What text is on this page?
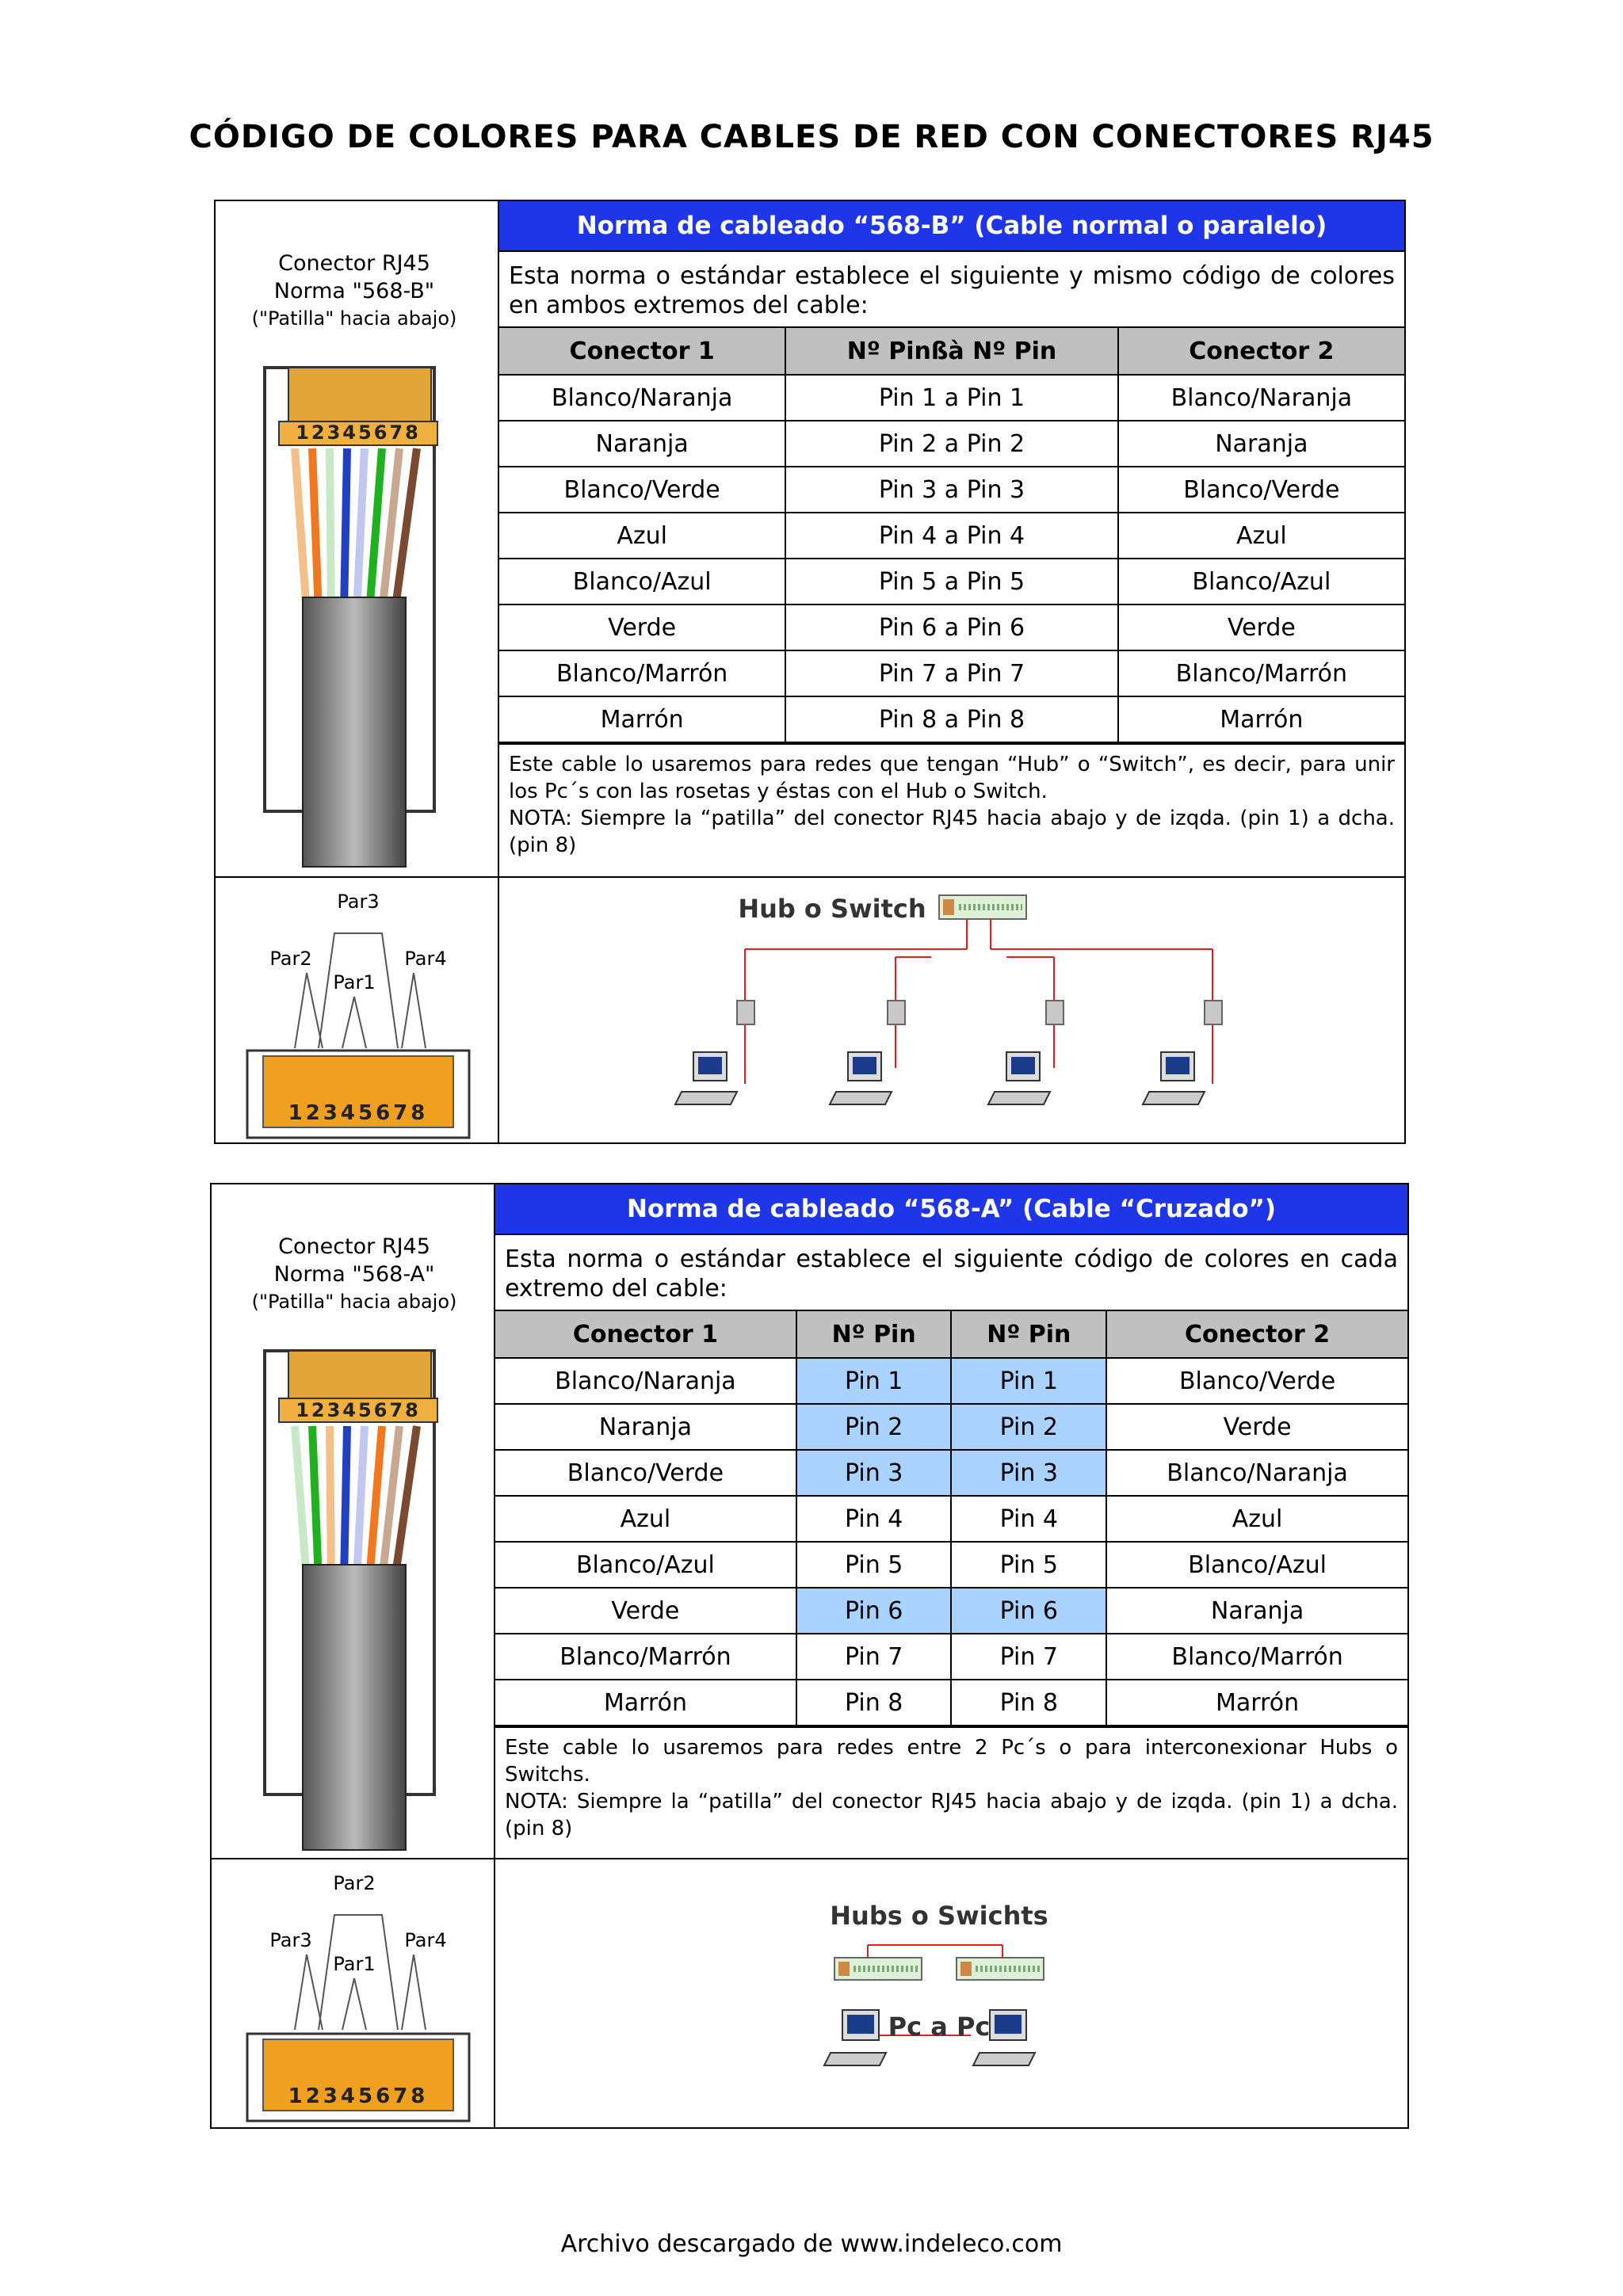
CÓDIGO DE COLORES PARA CABLES DE RED CON CONECTORES RJ45
Conector RJ45
Norma "568-B"
("Patilla" hacia abajo)
12345678
Par3
Par2
Par1
Par4
12345678
Norma de cableado “568-B” (Cable normal o paralelo)
Esta norma o estándar establece el siguiente y mismo código de colores en ambos extremos del cable:
Conector 1	Nº Pinßà Nº Pin	Conector 2
Blanco/Naranja	Pin 1 a Pin 1	Blanco/Naranja
Naranja	Pin 2 a Pin 2	Naranja
Blanco/Verde	Pin 3 a Pin 3	Blanco/Verde
Azul	Pin 4 a Pin 4	Azul
Blanco/Azul	Pin 5 a Pin 5	Blanco/Azul
Verde	Pin 6 a Pin 6	Verde
Blanco/Marrón	Pin 7 a Pin 7	Blanco/Marrón
Marrón	Pin 8 a Pin 8	Marrón
Este cable lo usaremos para redes que tengan “Hub” o “Switch”, es decir, para unir los Pc´s con las rosetas y éstas con el Hub o Switch.
NOTA: Siempre la “patilla” del conector RJ45 hacia abajo y de izqda. (pin 1) a dcha. (pin 8)
Hub o Switch
Conector RJ45
Norma "568-A"
("Patilla" hacia abajo)
12345678
Par2
Par3
Par1
Par4
12345678
Norma de cableado “568-A” (Cable “Cruzado”)
Esta norma o estándar establece el siguiente código de colores en cada extremo del cable:
Conector 1	Nº Pin	Nº Pin	Conector 2
Blanco/Naranja	Pin 1	Pin 1	Blanco/Verde
Naranja	Pin 2	Pin 2	Verde
Blanco/Verde	Pin 3	Pin 3	Blanco/Naranja
Azul	Pin 4	Pin 4	Azul
Blanco/Azul	Pin 5	Pin 5	Blanco/Azul
Verde	Pin 6	Pin 6	Naranja
Blanco/Marrón	Pin 7	Pin 7	Blanco/Marrón
Marrón	Pin 8	Pin 8	Marrón
Este cable lo usaremos para redes entre 2 Pc´s o para interconexionar Hubs o Switchs.
NOTA: Siempre la “patilla” del conector RJ45 hacia abajo y de izqda. (pin 1) a dcha. (pin 8)
Hubs o Swichts
Pc a Pc
Archivo descargado de www.indeleco.com
